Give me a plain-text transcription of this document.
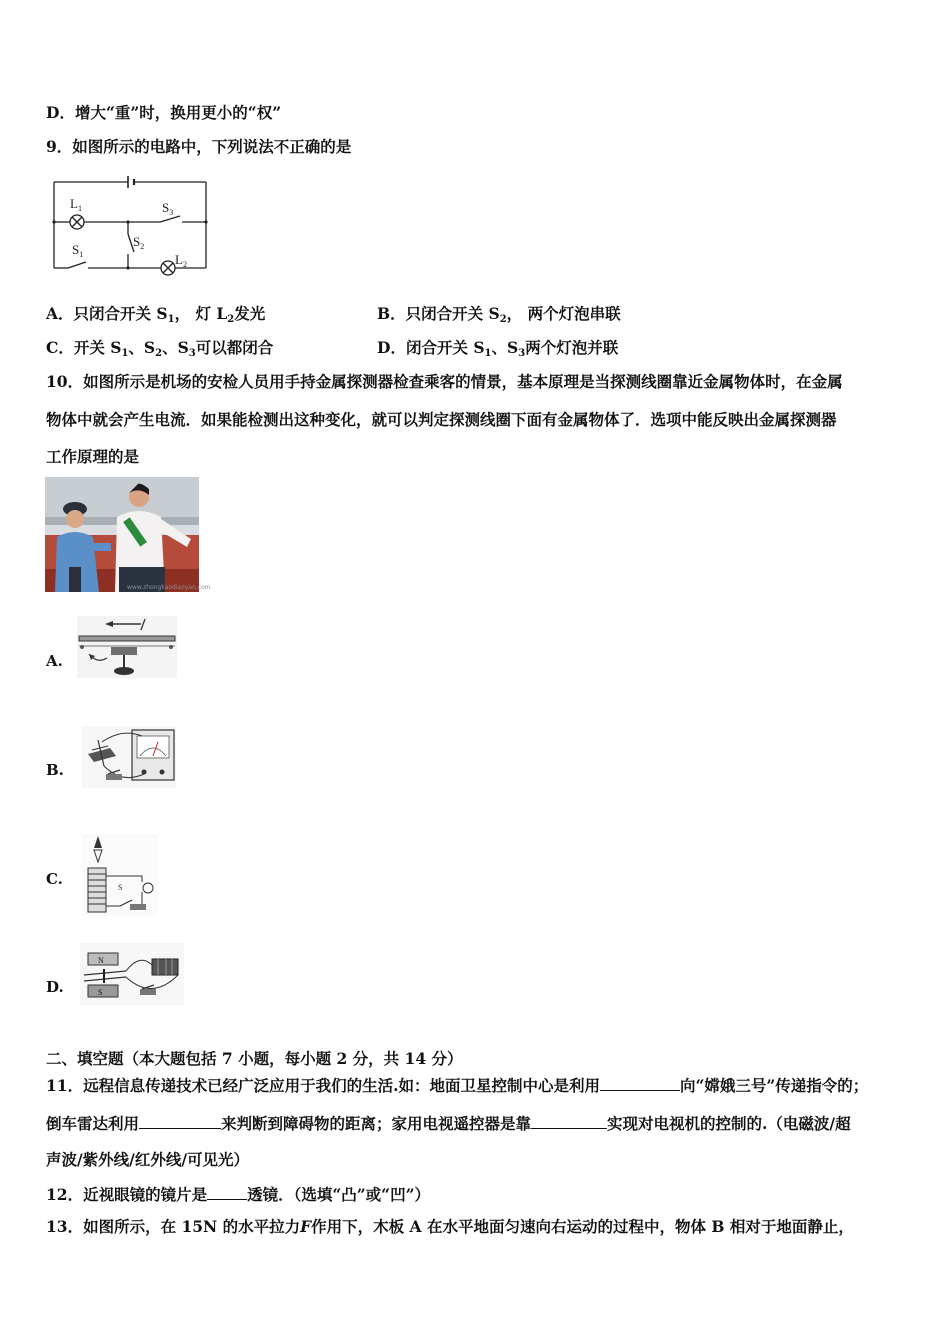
D．增大“重”时，换用更小的“权”
9．如图所示的电路中，下列说法不正确的是
$L_1$	$S_3$
$S_1$
$S_2$
$L_2$
A．只闭合开关 $S_1$， 灯 $L_2$发光	B．只闭合开关 $S_2$， 两个灯泡串联
C．开关 $S_1$、$S_2$、$S_3$可以都闭合	D．闭合开关 $S_1$、$S_3$两个灯泡并联
10．如图所示是机场的安检人员用手持金属探测器检查乘客的情景，基本原理是当探测线圈靠近金属物体时，在金属
物体中就会产生电流．如果能检测出这种变化，就可以判定探测线圈下面有金属物体了．选项中能反映出金属探测器
工作原理的是
www.zhongkaodiaoyan.com
A.
B.
C.	S
D.
N
S
二、填空题（本大题包括 7 小题，每小题 2 分，共 14 分）
11．远程信息传递技术已经广泛应用于我们的生活.如：地面卫星控制中心是利用	向“嫦娥三号”传递指令的；
倒车雷达利用	来判断到障碍物的距离；家用电视遥控器是靠	实现对电视机的控制的.（电磁波/超
声波/紫外线/红外线/可见光）
12．近视眼镜的镜片是	透镜．（选填“凸”或“凹”）
13．如图所示，在 15N 的水平拉力F作用下，木板 A 在水平地面匀速向右运动的过程中，物体 B 相对于地面静止，
